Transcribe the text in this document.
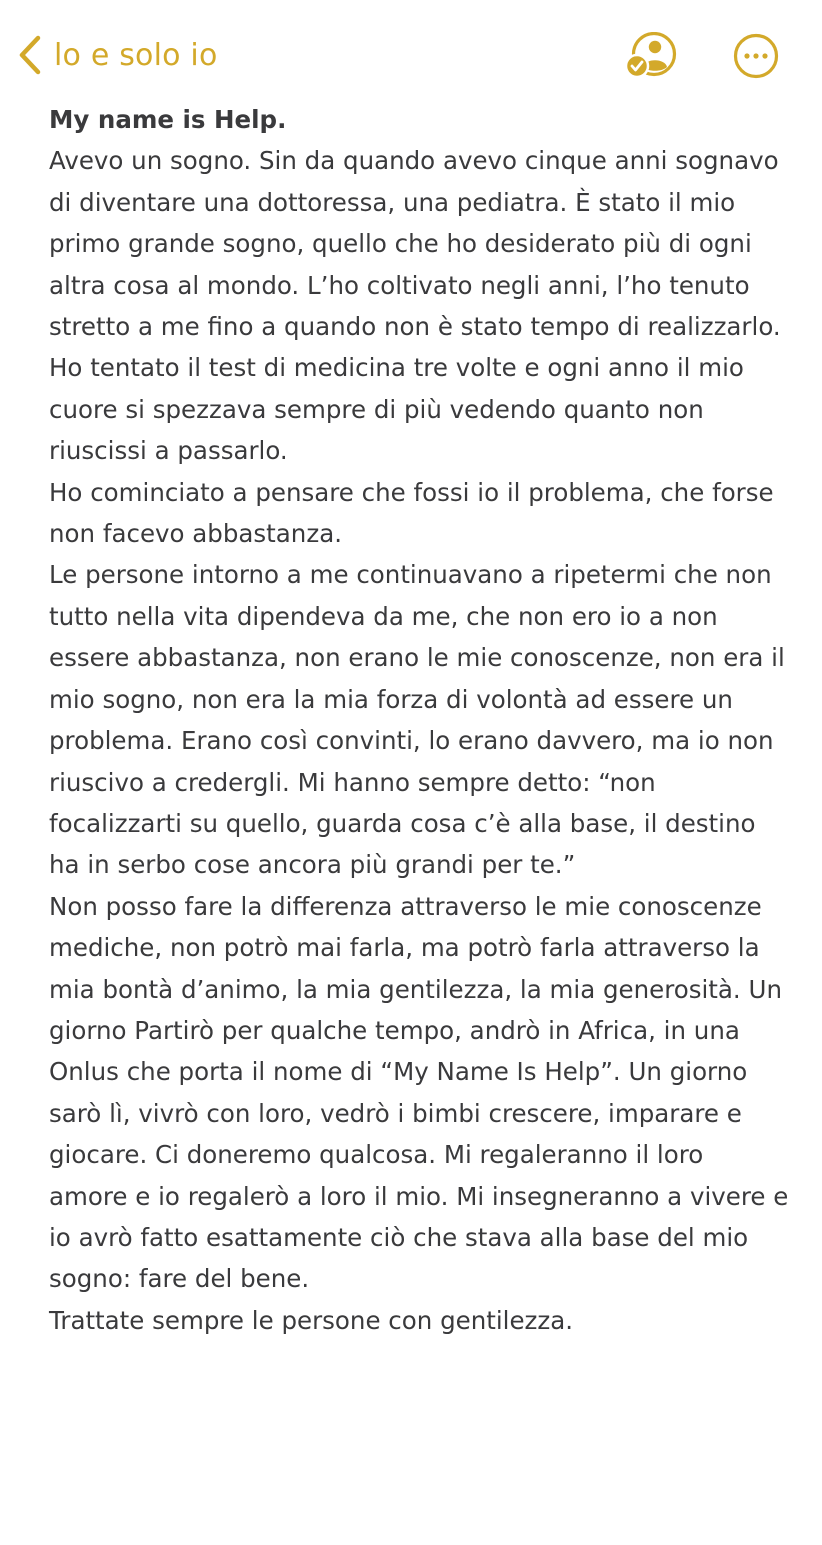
lo e solo io

My name is Help.

Avevo un sogno. Sin da quando avevo cinque anni sognavo di diventare una dottoressa, una pediatra. È stato il mio primo grande sogno, quello che ho desiderato più di ogni altra cosa al mondo. L’ho coltivato negli anni, l’ho tenuto stretto a me fino a quando non è stato tempo di realizzarlo. Ho tentato il test di medicina tre volte e ogni anno il mio cuore si spezzava sempre di più vedendo quanto non riuscissi a passarlo.

Ho cominciato a pensare che fossi io il problema, che forse non facevo abbastanza.

Le persone intorno a me continuavano a ripetermi che non tutto nella vita dipendeva da me, che non ero io a non essere abbastanza, non erano le mie conoscenze, non era il mio sogno, non era la mia forza di volontà ad essere un problema. Erano così convinti, lo erano davvero, ma io non riuscivo a credergli. Mi hanno sempre detto: “non focalizzarti su quello, guarda cosa c’è alla base, il destino ha in serbo cose ancora più grandi per te.”

Non posso fare la differenza attraverso le mie conoscenze mediche, non potrò mai farla, ma potrò farla attraverso la mia bontà d’animo, la mia gentilezza, la mia generosità. Un giorno Partirò per qualche tempo, andrò in Africa, in una Onlus che porta il nome di “My Name Is Help”. Un giorno sarò lì, vivrò con loro, vedrò i bimbi crescere, imparare e giocare. Ci doneremo qualcosa. Mi regaleranno il loro amore e io regalerò a loro il mio. Mi insegneranno a vivere e io avrò fatto esattamente ciò che stava alla base del mio sogno: fare del bene.

Trattate sempre le persone con gentilezza.
